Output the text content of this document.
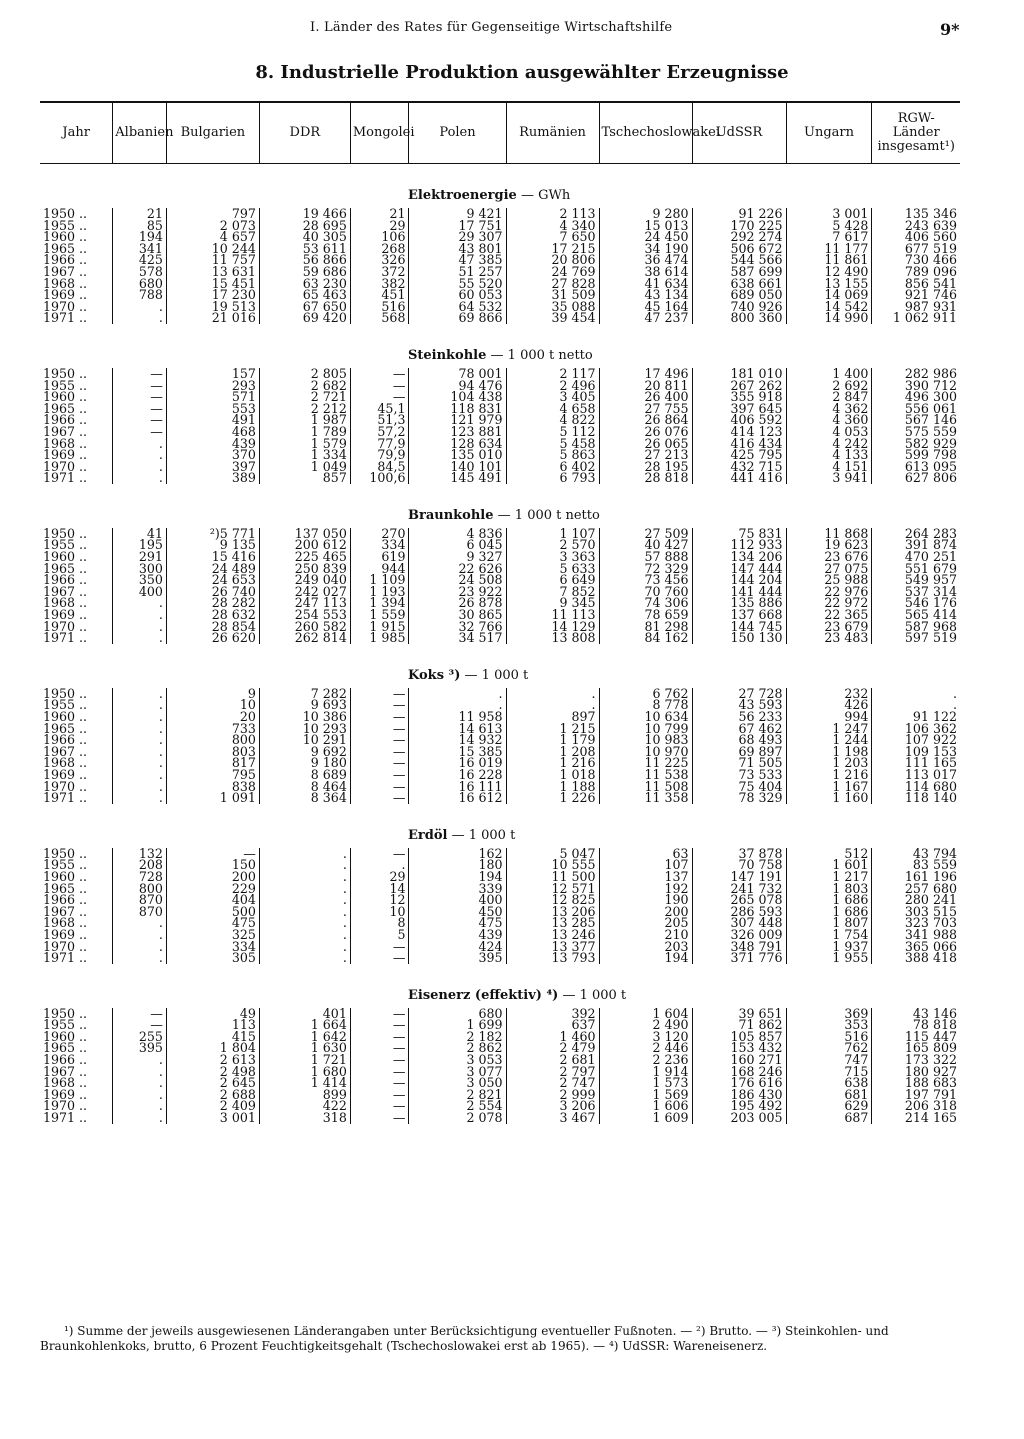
I. Länder des Rates für Gegenseitige Wirtschaftshilfe	9*
8. Industrielle Produktion ausgewählter Erzeugnisse
Jahr	Albanien	Bulgarien	DDR	Mongolei	Polen	Rumänien	Tschechoslowakei	UdSSR	Ungarn	RGW-Länder insgesamt¹)

Elektroenergie — GWh										

1950 ..	21	797	19 466	21	9 421	2 113	9 280	91 226	3 001	135 346
1955 ..	85	2 073	28 695	29	17 751	4 340	15 013	170 225	5 428	243 639
1960 ..	194	4 657	40 305	106	29 307	7 650	24 450	292 274	7 617	406 560
1965 ..	341	10 244	53 611	268	43 801	17 215	34 190	506 672	11 177	677 519
1966 ..	425	11 757	56 866	326	47 385	20 806	36 474	544 566	11 861	730 466
1967 ..	578	13 631	59 686	372	51 257	24 769	38 614	587 699	12 490	789 096
1968 ..	680	15 451	63 230	382	55 520	27 828	41 634	638 661	13 155	856 541
1969 ..	788	17 230	65 463	451	60 053	31 509	43 134	689 050	14 069	921 746
1970 ..	.	19 513	67 650	516	64 532	35 088	45 164	740 926	14 542	987 931
1971 ..	.	21 016	69 420	568	69 866	39 454	47 237	800 360	14 990	1 062 911

Steinkohle — 1 000 t netto										

1950 ..	—	157	2 805	—	78 001	2 117	17 496	181 010	1 400	282 986
1955 ..	—	293	2 682	—	94 476	2 496	20 811	267 262	2 692	390 712
1960 ..	—	571	2 721	—	104 438	3 405	26 400	355 918	2 847	496 300
1965 ..	—	553	2 212	45,1	118 831	4 658	27 755	397 645	4 362	556 061
1966 ..	—	491	1 987	51,3	121 979	4 822	26 864	406 592	4 360	567 146
1967 ..	—	468	1 789	57,2	123 881	5 112	26 076	414 123	4 053	575 559
1968 ..	.	439	1 579	77,9	128 634	5 458	26 065	416 434	4 242	582 929
1969 ..	.	370	1 334	79,9	135 010	5 863	27 213	425 795	4 133	599 798
1970 ..	.	397	1 049	84,5	140 101	6 402	28 195	432 715	4 151	613 095
1971 ..	.	389	857	100,6	145 491	6 793	28 818	441 416	3 941	627 806

Braunkohle — 1 000 t netto										

1950 ..	41	²)5 771	137 050	270	4 836	1 107	27 509	75 831	11 868	264 283
1955 ..	195	9 135	200 612	334	6 045	2 570	40 427	112 933	19 623	391 874
1960 ..	291	15 416	225 465	619	9 327	3 363	57 888	134 206	23 676	470 251
1965 ..	300	24 489	250 839	944	22 626	5 633	72 329	147 444	27 075	551 679
1966 ..	350	24 653	249 040	1 109	24 508	6 649	73 456	144 204	25 988	549 957
1967 ..	400	26 740	242 027	1 193	23 922	7 852	70 760	141 444	22 976	537 314
1968 ..	.	28 282	247 113	1 394	26 878	9 345	74 306	135 886	22 972	546 176
1969 ..	.	28 632	254 553	1 559	30 865	11 113	78 659	137 668	22 365	565 414
1970 ..	.	28 854	260 582	1 915	32 766	14 129	81 298	144 745	23 679	587 968
1971 ..	.	26 620	262 814	1 985	34 517	13 808	84 162	150 130	23 483	597 519

Koks ³) — 1 000 t										

1950 ..	.	9	7 282	—	.	.	6 762	27 728	232	.
1955 ..	.	10	9 693	—	.	.	8 778	43 593	426	.
1960 ..	.	20	10 386	—	11 958	897	10 634	56 233	994	91 122
1965 ..	.	733	10 293	—	14 613	1 215	10 799	67 462	1 247	106 362
1966 ..	.	800	10 291	—	14 932	1 179	10 983	68 493	1 244	107 922
1967 ..	.	803	9 692	—	15 385	1 208	10 970	69 897	1 198	109 153
1968 ..	.	817	9 180	—	16 019	1 216	11 225	71 505	1 203	111 165
1969 ..	.	795	8 689	—	16 228	1 018	11 538	73 533	1 216	113 017
1970 ..	.	838	8 464	—	16 111	1 188	11 508	75 404	1 167	114 680
1971 ..	.	1 091	8 364	—	16 612	1 226	11 358	78 329	1 160	118 140

Erdöl — 1 000 t										

1950 ..	132	—	.	—	162	5 047	63	37 878	512	43 794
1955 ..	208	150	.	.	180	10 555	107	70 758	1 601	83 559
1960 ..	728	200	.	29	194	11 500	137	147 191	1 217	161 196
1965 ..	800	229	.	14	339	12 571	192	241 732	1 803	257 680
1966 ..	870	404	.	12	400	12 825	190	265 078	1 686	280 241
1967 ..	870	500	.	10	450	13 206	200	286 593	1 686	303 515
1968 ..	.	475	.	8	475	13 285	205	307 448	1 807	323 703
1969 ..	.	325	.	5	439	13 246	210	326 009	1 754	341 988
1970 ..	.	334	.	—	424	13 377	203	348 791	1 937	365 066
1971 ..	.	305	.	—	395	13 793	194	371 776	1 955	388 418

Eisenerz (effektiv) ⁴) — 1 000 t										

1950 ..	—	49	401	—	680	392	1 604	39 651	369	43 146
1955 ..	—	113	1 664	—	1 699	637	2 490	71 862	353	78 818
1960 ..	255	415	1 642	—	2 182	1 460	3 120	105 857	516	115 447
1965 ..	395	1 804	1 630	—	2 862	2 479	2 446	153 432	762	165 809
1966 ..	.	2 613	1 721	—	3 053	2 681	2 236	160 271	747	173 322
1967 ..	.	2 498	1 680	—	3 077	2 797	1 914	168 246	715	180 927
1968 ..	.	2 645	1 414	—	3 050	2 747	1 573	176 616	638	188 683
1969 ..	.	2 688	899	—	2 821	2 999	1 569	186 430	681	197 791
1970 ..	.	2 409	422	—	2 554	3 206	1 606	195 492	629	206 318
1971 ..	.	3 001	318	—	2 078	3 467	1 609	203 005	687	214 165
¹) Summe der jeweils ausgewiesenen Länderangaben unter Berücksichtigung eventueller Fußnoten. — ²) Brutto. — ³) Steinkohlen- und Braunkohlenkoks, brutto, 6 Prozent Feuchtigkeitsgehalt (Tschechoslowakei erst ab 1965). — ⁴) UdSSR: Wareneisenerz.
